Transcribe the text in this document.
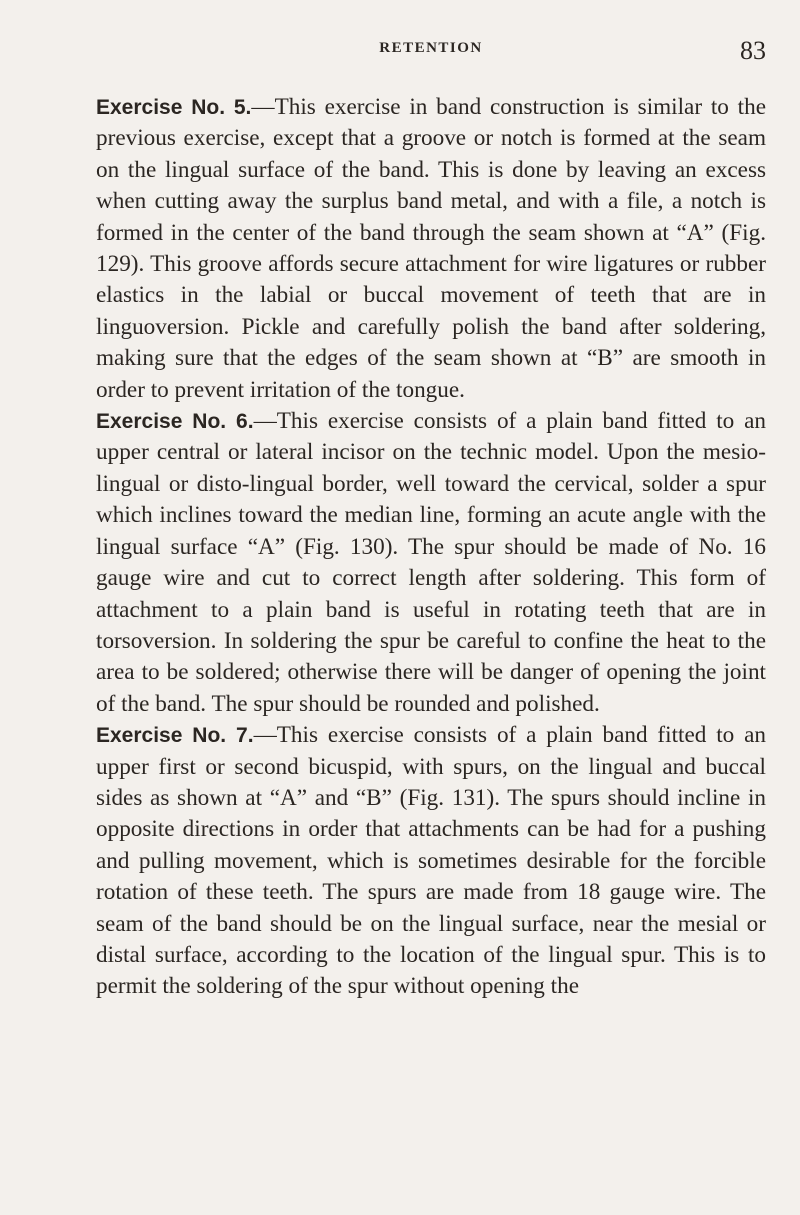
RETENTION	83

Exercise No. 5.—This exercise in band construction is similar to the previous exercise, except that a groove or notch is formed at the seam on the lingual surface of the band. This is done by leaving an excess when cutting away the surplus band metal, and with a file, a notch is formed in the center of the band through the seam shown at “A” (Fig. 129). This groove affords secure attachment for wire ligatures or rubber elastics in the labial or buccal movement of teeth that are in linguoversion. Pickle and carefully polish the band after soldering, making sure that the edges of the seam shown at “B” are smooth in order to prevent irritation of the tongue.

Exercise No. 6.—This exercise consists of a plain band fitted to an upper central or lateral incisor on the technic model. Upon the mesio-lingual or disto-lingual border, well toward the cervical, solder a spur which inclines toward the median line, forming an acute angle with the lingual surface “A” (Fig. 130). The spur should be made of No. 16 gauge wire and cut to correct length after soldering. This form of attachment to a plain band is useful in rotating teeth that are in torsoversion. In soldering the spur be careful to confine the heat to the area to be soldered; otherwise there will be danger of opening the joint of the band. The spur should be rounded and polished.

Exercise No. 7.—This exercise consists of a plain band fitted to an upper first or second bicuspid, with spurs, on the lingual and buccal sides as shown at “A” and “B” (Fig. 131). The spurs should incline in opposite directions in order that attachments can be had for a pushing and pulling movement, which is sometimes desirable for the forcible rotation of these teeth. The spurs are made from 18 gauge wire. The seam of the band should be on the lingual surface, near the mesial or distal surface, according to the location of the lingual spur. This is to permit the soldering of the spur without opening the
